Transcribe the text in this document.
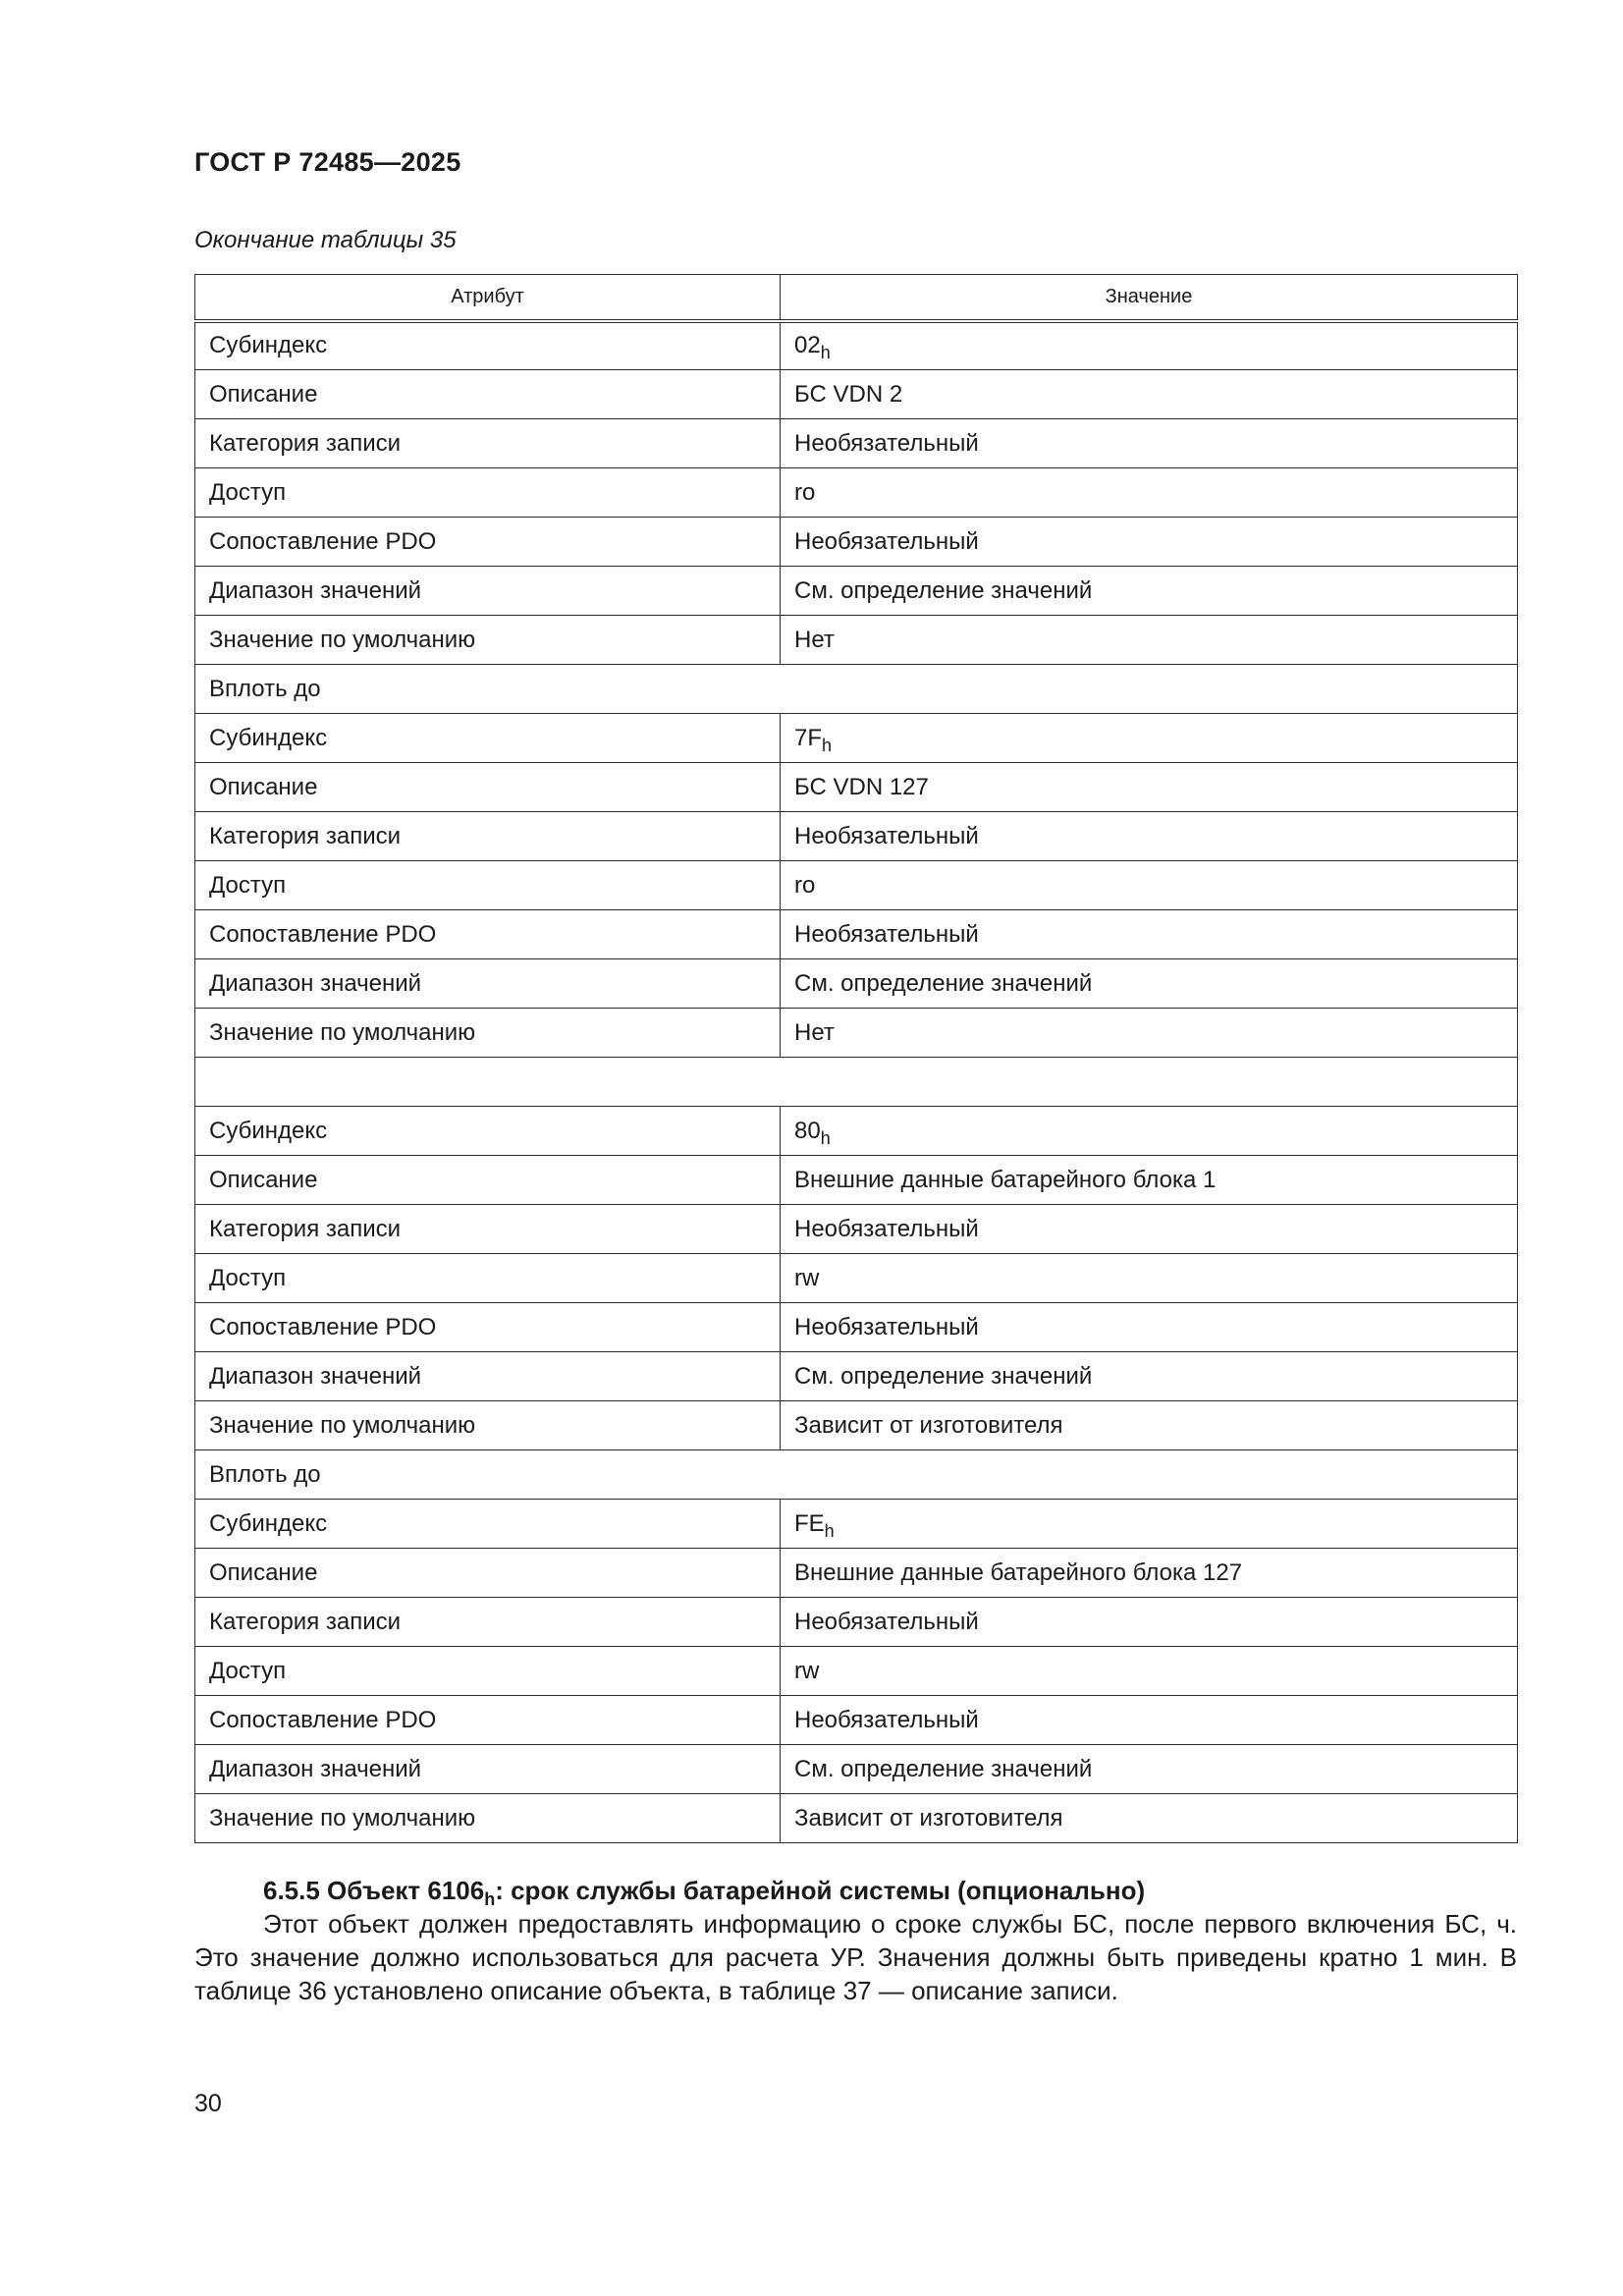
ГОСТ Р 72485—2025
Окончание таблицы 35
Атрибут	Значение
Субиндекс	$02_h$
Описание	БС VDN 2
Категория записи	Необязательный
Доступ	ro
Сопоставление PDO	Необязательный
Диапазон значений	См. определение значений
Значение по умолчанию	Нет
Вплоть до	
Субиндекс	$7F_h$
Описание	БС VDN 127
Категория записи	Необязательный
Доступ	ro
Сопоставление PDO	Необязательный
Диапазон значений	См. определение значений
Значение по умолчанию	Нет

Субиндекс	$80_h$
Описание	Внешние данные батарейного блока 1
Категория записи	Необязательный
Доступ	rw
Сопоставление PDO	Необязательный
Диапазон значений	См. определение значений
Значение по умолчанию	Зависит от изготовителя
Вплоть до	
Субиндекс	$FE_h$
Описание	Внешние данные батарейного блока 127
Категория записи	Необязательный
Доступ	rw
Сопоставление PDO	Необязательный
Диапазон значений	См. определение значений
Значение по умолчанию	Зависит от изготовителя
6.5.5 Объект $6106_h$: срок службы батарейной системы (опционально)
Этот объект должен предоставлять информацию о сроке службы БС, после первого включения БС, ч. Это значение должно использоваться для расчета УР. Значения должны быть приведены кратно 1 мин. В таблице 36 установлено описание объекта, в таблице 37 — описание записи.
30
